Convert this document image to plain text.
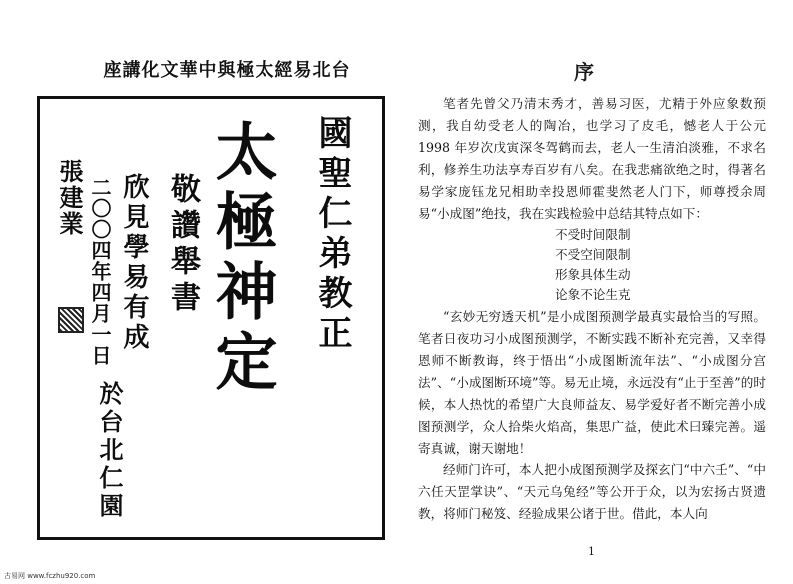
座講化文華中與極太經易北台
太極神定 國聖仁弟教正
敬讚舉書
欣見學易有成
二〇〇四年四月一日
張建業
於台北仁園
序

笔者先曾父乃清末秀才，善易习医，尤精于外应象数预测，我自幼受老人的陶冶，也学习了皮毛，憾老人于公元 1998 年岁次戊寅深冬驾鹤而去，老人一生清泊淡雅，不求名利，修养生功法享寿百岁有八矣。在我悲痛欲绝之时，得著名易学家庞钰龙兄相助幸投恩师霍斐然老人门下，师尊授余周易“小成图”绝技，我在实践检验中总结其特点如下：

不受时间限制
不受空间限制
形象具体生动
论象不论生克

“玄妙无穷透天机”是小成图预测学最真实最恰当的写照。笔者日夜功习小成图预测学，不断实践不断补充完善，又幸得恩师不断教诲，终于悟出“小成图断流年法”、“小成图分宫法”、“小成图断环境”等。易无止境，永远没有“止于至善”的时候，本人热忱的希望广大良师益友、易学爱好者不断完善小成图预测学，众人拾柴火焰高，集思广益，使此术曰臻完善。遥寄真诚，谢天谢地！

经师门许可，本人把小成图预测学及探玄门“中六壬”、“中六任天罡掌诀”、“天元乌兔经”等公开于众，以为宏扬古贤遗教，将师门秘笈、经验成果公诸于世。借此，本人向

1
古易网 www.fczhu920.com
